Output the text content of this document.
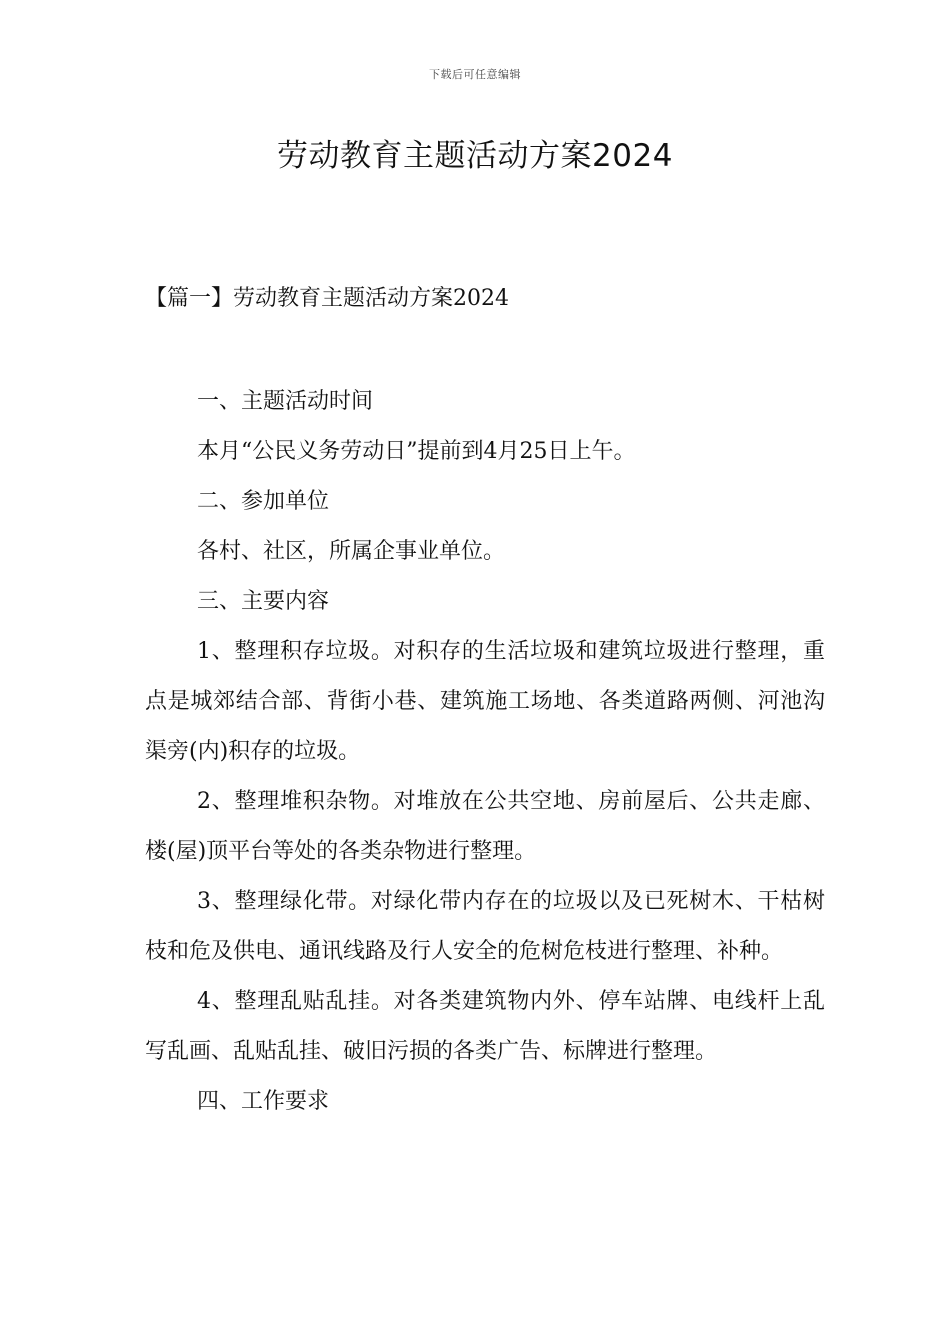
下载后可任意编辑
劳动教育主题活动方案2024
【篇一】劳动教育主题活动方案2024

一、主题活动时间

本月“公民义务劳动日”提前到4月25日上午。

二、参加单位

各村、社区，所属企事业单位。

三、主要内容

1、整理积存垃圾。对积存的生活垃圾和建筑垃圾进行整理，重点是城郊结合部、背街小巷、建筑施工场地、各类道路两侧、河池沟渠旁(内)积存的垃圾。

2、整理堆积杂物。对堆放在公共空地、房前屋后、公共走廊、楼(屋)顶平台等处的各类杂物进行整理。

3、整理绿化带。对绿化带内存在的垃圾以及已死树木、干枯树枝和危及供电、通讯线路及行人安全的危树危枝进行整理、补种。

4、整理乱贴乱挂。对各类建筑物内外、停车站牌、电线杆上乱写乱画、乱贴乱挂、破旧污损的各类广告、标牌进行整理。

四、工作要求
